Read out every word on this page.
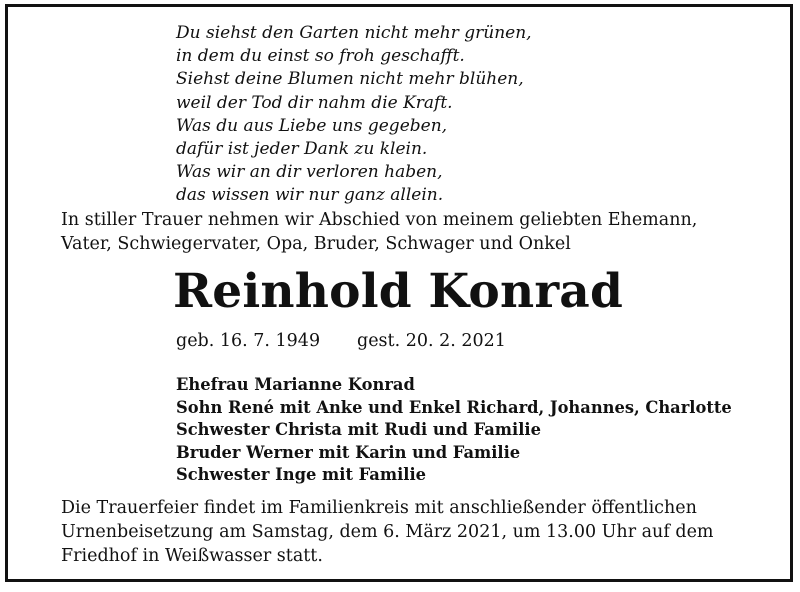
Du siehst den Garten nicht mehr grünen,
in dem du einst so froh geschafft.
Siehst deine Blumen nicht mehr blühen,
weil der Tod dir nahm die Kraft.
Was du aus Liebe uns gegeben,
dafür ist jeder Dank zu klein.
Was wir an dir verloren haben,
das wissen wir nur ganz allein.
In stiller Trauer nehmen wir Abschied von meinem geliebten Ehemann,
Vater, Schwiegervater, Opa, Bruder, Schwager und Onkel
Reinhold Konrad
geb. 16. 7. 1949 gest. 20. 2. 2021
Ehefrau Marianne Konrad
Sohn René mit Anke und Enkel Richard, Johannes, Charlotte
Schwester Christa mit Rudi und Familie
Bruder Werner mit Karin und Familie
Schwester Inge mit Familie
Die Trauerfeier findet im Familienkreis mit anschließender öffentlichen
Urnenbeisetzung am Samstag, dem 6. März 2021, um 13.00 Uhr auf dem
Friedhof in Weißwasser statt.
